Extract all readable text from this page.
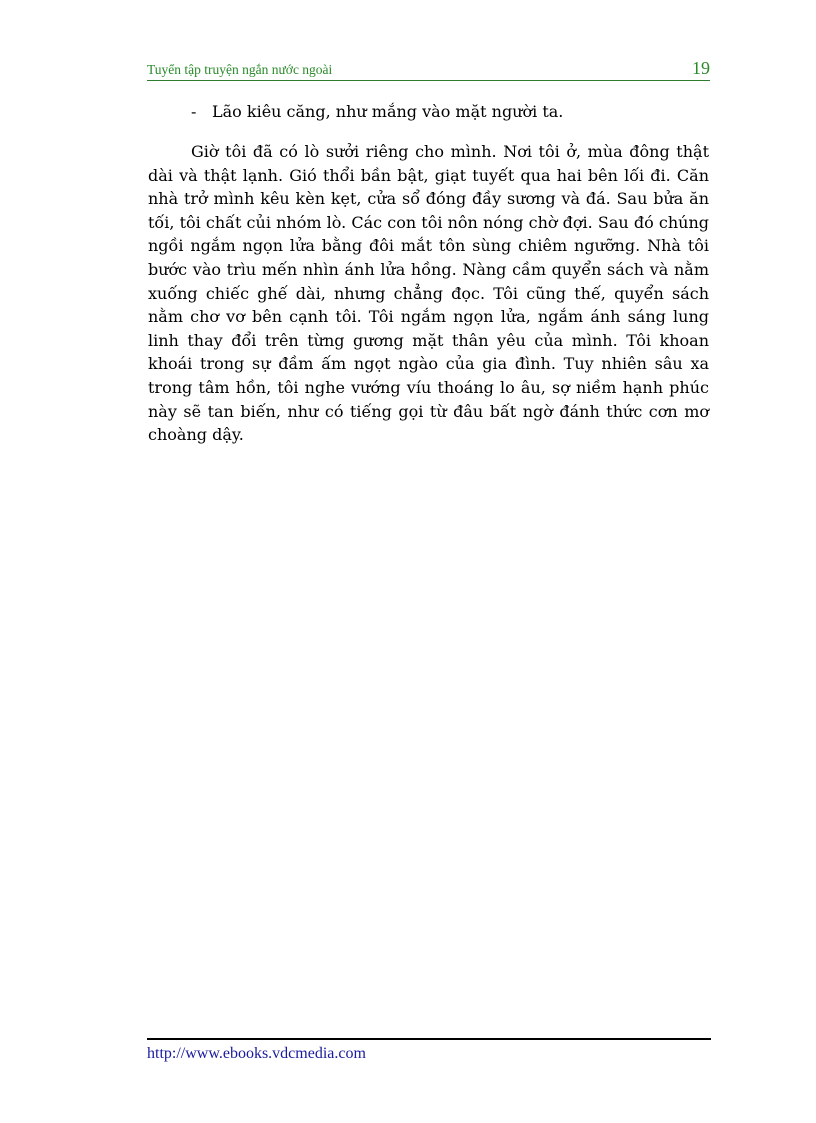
Tuyển tập truyện ngắn nước ngoài	19
- Lão kiêu căng, như mắng vào mặt người ta.

Giờ tôi đã có lò sưởi riêng cho mình. Nơi tôi ở, mùa đông thật dài và thật lạnh. Gió thổi bần bật, giạt tuyết qua hai bên lối đi. Căn nhà trở mình kêu kèn kẹt, cửa sổ đóng đầy sương và đá. Sau bửa ăn tối, tôi chất củi nhóm lò. Các con tôi nôn nóng chờ đợi. Sau đó chúng ngồi ngắm ngọn lửa bằng đôi mắt tôn sùng chiêm ngưỡng. Nhà tôi bước vào trìu mến nhìn ánh lửa hồng. Nàng cầm quyển sách và nằm xuống chiếc ghế dài, nhưng chẳng đọc. Tôi cũng thế, quyển sách nằm chơ vơ bên cạnh tôi. Tôi ngắm ngọn lửa, ngắm ánh sáng lung linh thay đổi trên từng gương mặt thân yêu của mình. Tôi khoan khoái trong sự đầm ấm ngọt ngào của gia đình. Tuy nhiên sâu xa trong tâm hồn, tôi nghe vướng víu thoáng lo âu, sợ niềm hạnh phúc này sẽ tan biến, như có tiếng gọi từ đâu bất ngờ đánh thức cơn mơ choàng dậy.

http://www.ebooks.vdcmedia.com
